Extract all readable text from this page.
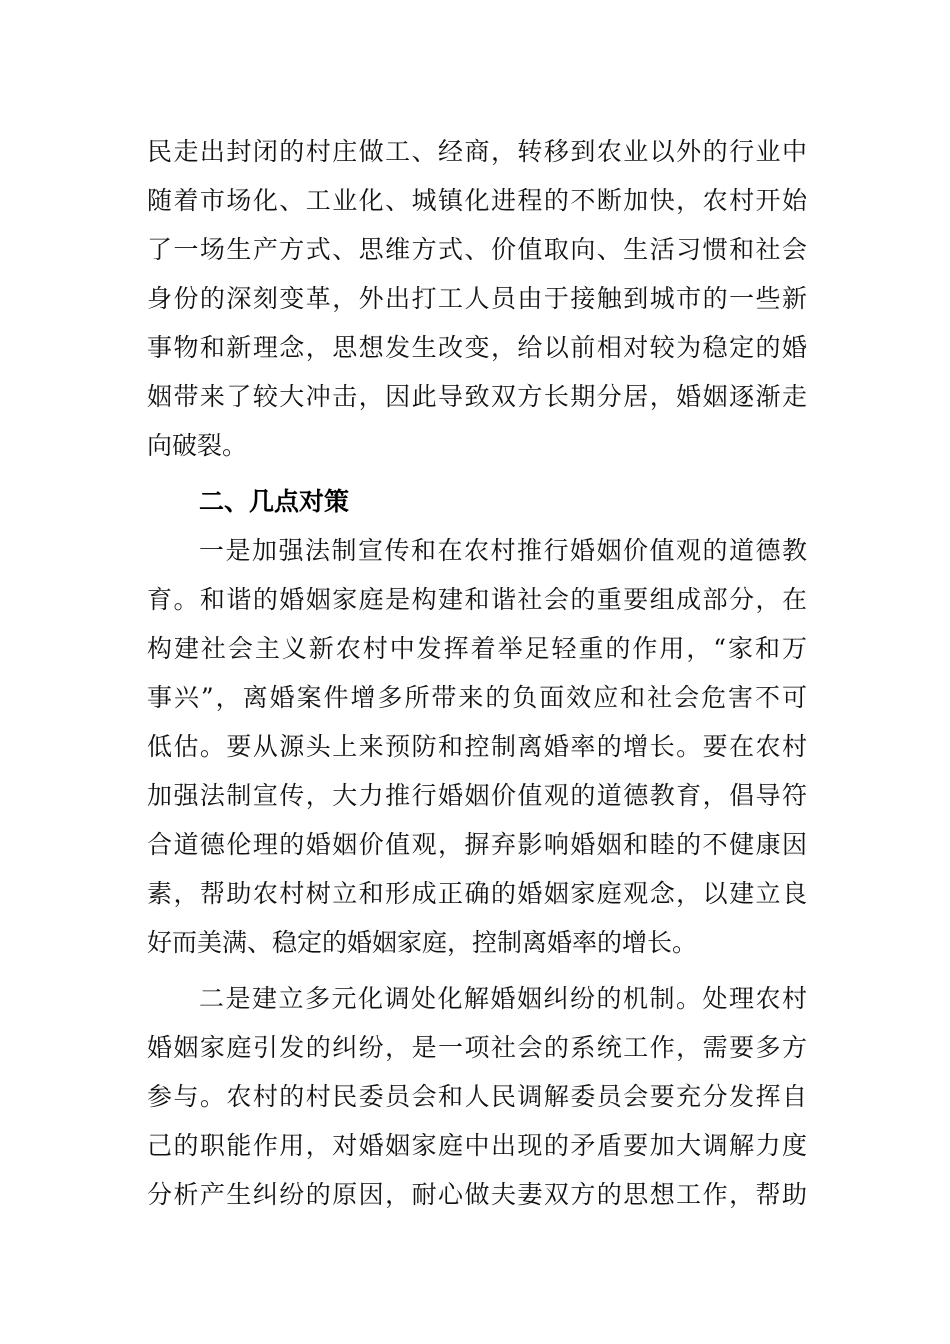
民走出封闭的村庄做工、经商，转移到农业以外的行业中
随着市场化、工业化、城镇化进程的不断加快，农村开始
了一场生产方式、思维方式、价值取向、生活习惯和社会
身份的深刻变革，外出打工人员由于接触到城市的一些新
事物和新理念，思想发生改变，给以前相对较为稳定的婚
姻带来了较大冲击，因此导致双方长期分居，婚姻逐渐走
向破裂。
二、几点对策
一是加强法制宣传和在农村推行婚姻价值观的道德教
育。和谐的婚姻家庭是构建和谐社会的重要组成部分，在
构建社会主义新农村中发挥着举足轻重的作用，“家和万
事兴”，离婚案件增多所带来的负面效应和社会危害不可
低估。要从源头上来预防和控制离婚率的增长。要在农村
加强法制宣传，大力推行婚姻价值观的道德教育，倡导符
合道德伦理的婚姻价值观，摒弃影响婚姻和睦的不健康因
素，帮助农村树立和形成正确的婚姻家庭观念，以建立良
好而美满、稳定的婚姻家庭，控制离婚率的增长。
二是建立多元化调处化解婚姻纠纷的机制。处理农村
婚姻家庭引发的纠纷，是一项社会的系统工作，需要多方
参与。农村的村民委员会和人民调解委员会要充分发挥自
己的职能作用，对婚姻家庭中出现的矛盾要加大调解力度
分析产生纠纷的原因，耐心做夫妻双方的思想工作，帮助
